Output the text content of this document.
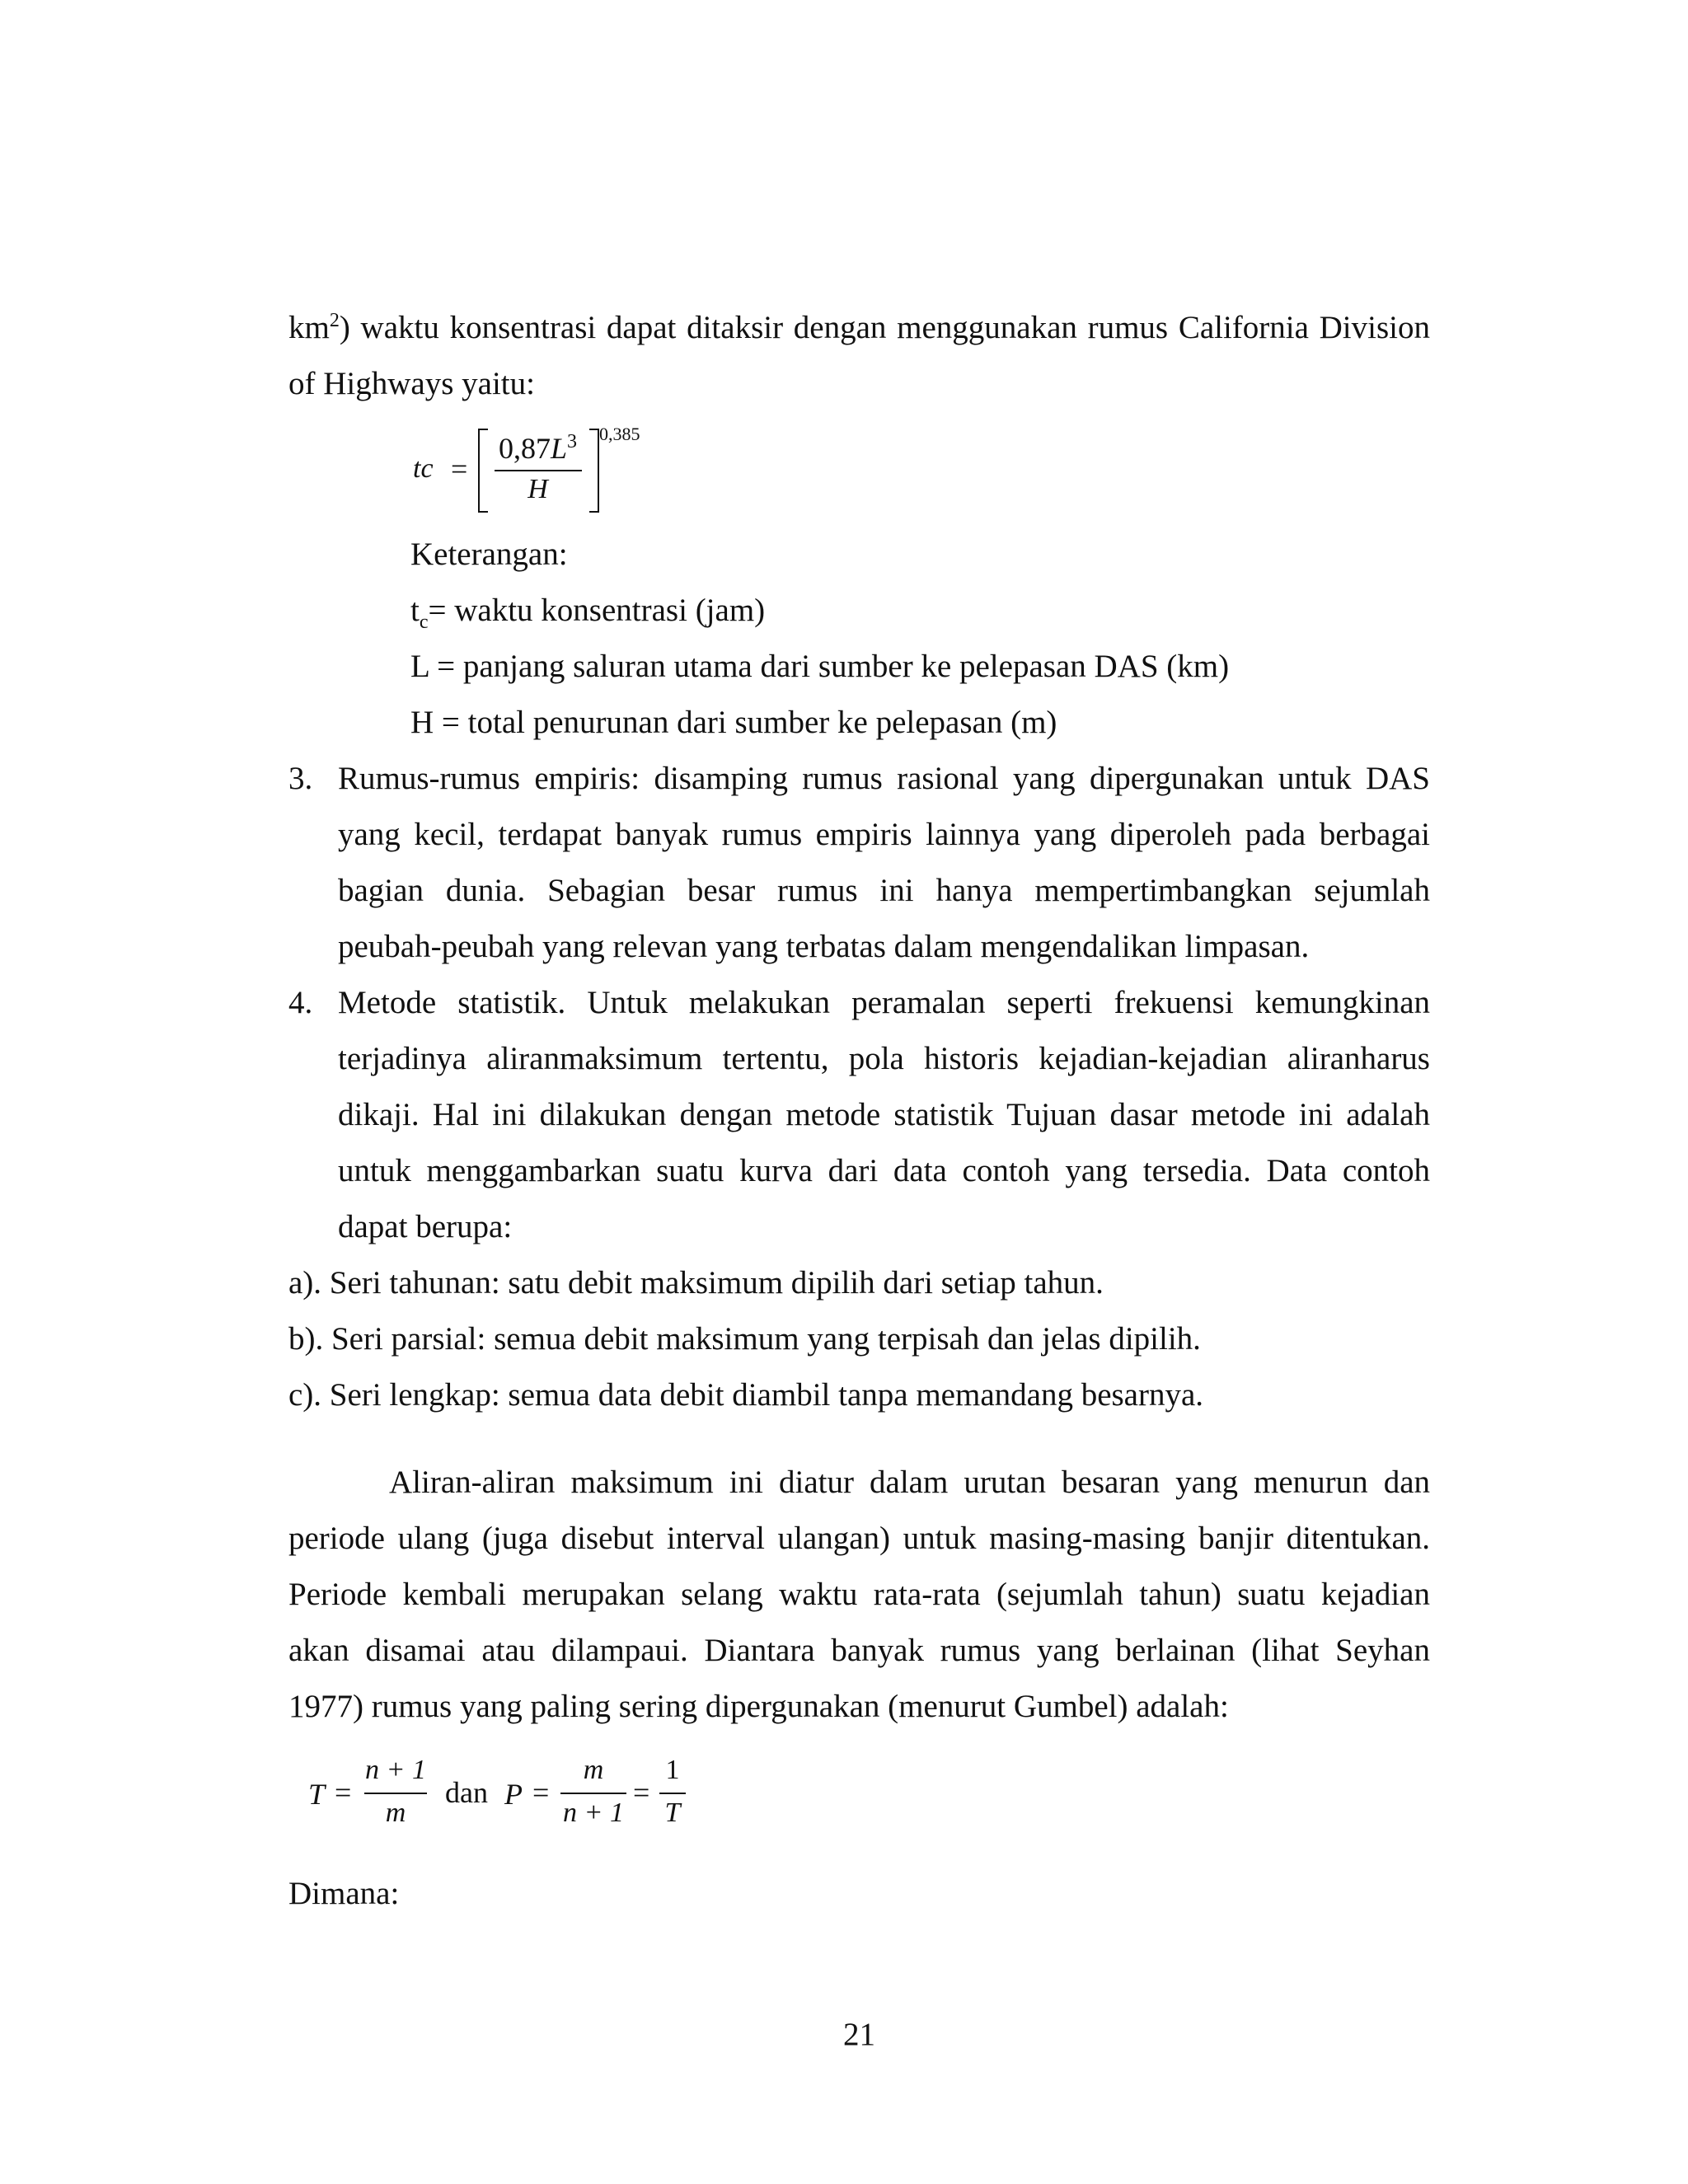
$km^2$) waktu konsentrasi dapat ditaksir dengan menggunakan rumus California Division
of Highways yaitu:
tc =
$0,87L^3$
H
0,385
Keterangan:
$t_c=$ waktu konsentrasi (jam)
L = panjang saluran utama dari sumber ke pelepasan DAS (km)
H = total penurunan dari sumber ke pelepasan (m)
3. Rumus-rumus empiris: disamping rumus rasional yang dipergunakan untuk DAS
yang kecil, terdapat banyak rumus empiris lainnya yang diperoleh pada berbagai
bagian dunia. Sebagian besar rumus ini hanya mempertimbangkan sejumlah
peubah-peubah yang relevan yang terbatas dalam mengendalikan limpasan.
4. Metode statistik. Untuk melakukan peramalan seperti frekuensi kemungkinan
terjadinya aliranmaksimum tertentu, pola historis kejadian-kejadian aliranharus
dikaji. Hal ini dilakukan dengan metode statistik Tujuan dasar metode ini adalah
untuk menggambarkan suatu kurva dari data contoh yang tersedia. Data contoh
dapat berupa:
a). Seri tahunan: satu debit maksimum dipilih dari setiap tahun.
b). Seri parsial: semua debit maksimum yang terpisah dan jelas dipilih.
c). Seri lengkap: semua data debit diambil tanpa memandang besarnya.
Aliran-aliran maksimum ini diatur dalam urutan besaran yang menurun dan
periode ulang (juga disebut interval ulangan) untuk masing-masing banjir ditentukan.
Periode kembali merupakan selang waktu rata-rata (sejumlah tahun) suatu kejadian
akan disamai atau dilampaui. Diantara banyak rumus yang berlainan (lihat Seyhan
1977) rumus yang paling sering dipergunakan (menurut Gumbel) adalah:
T =
n + 1
m
dan P =
m
n + 1
=
1
T
Dimana:
21
